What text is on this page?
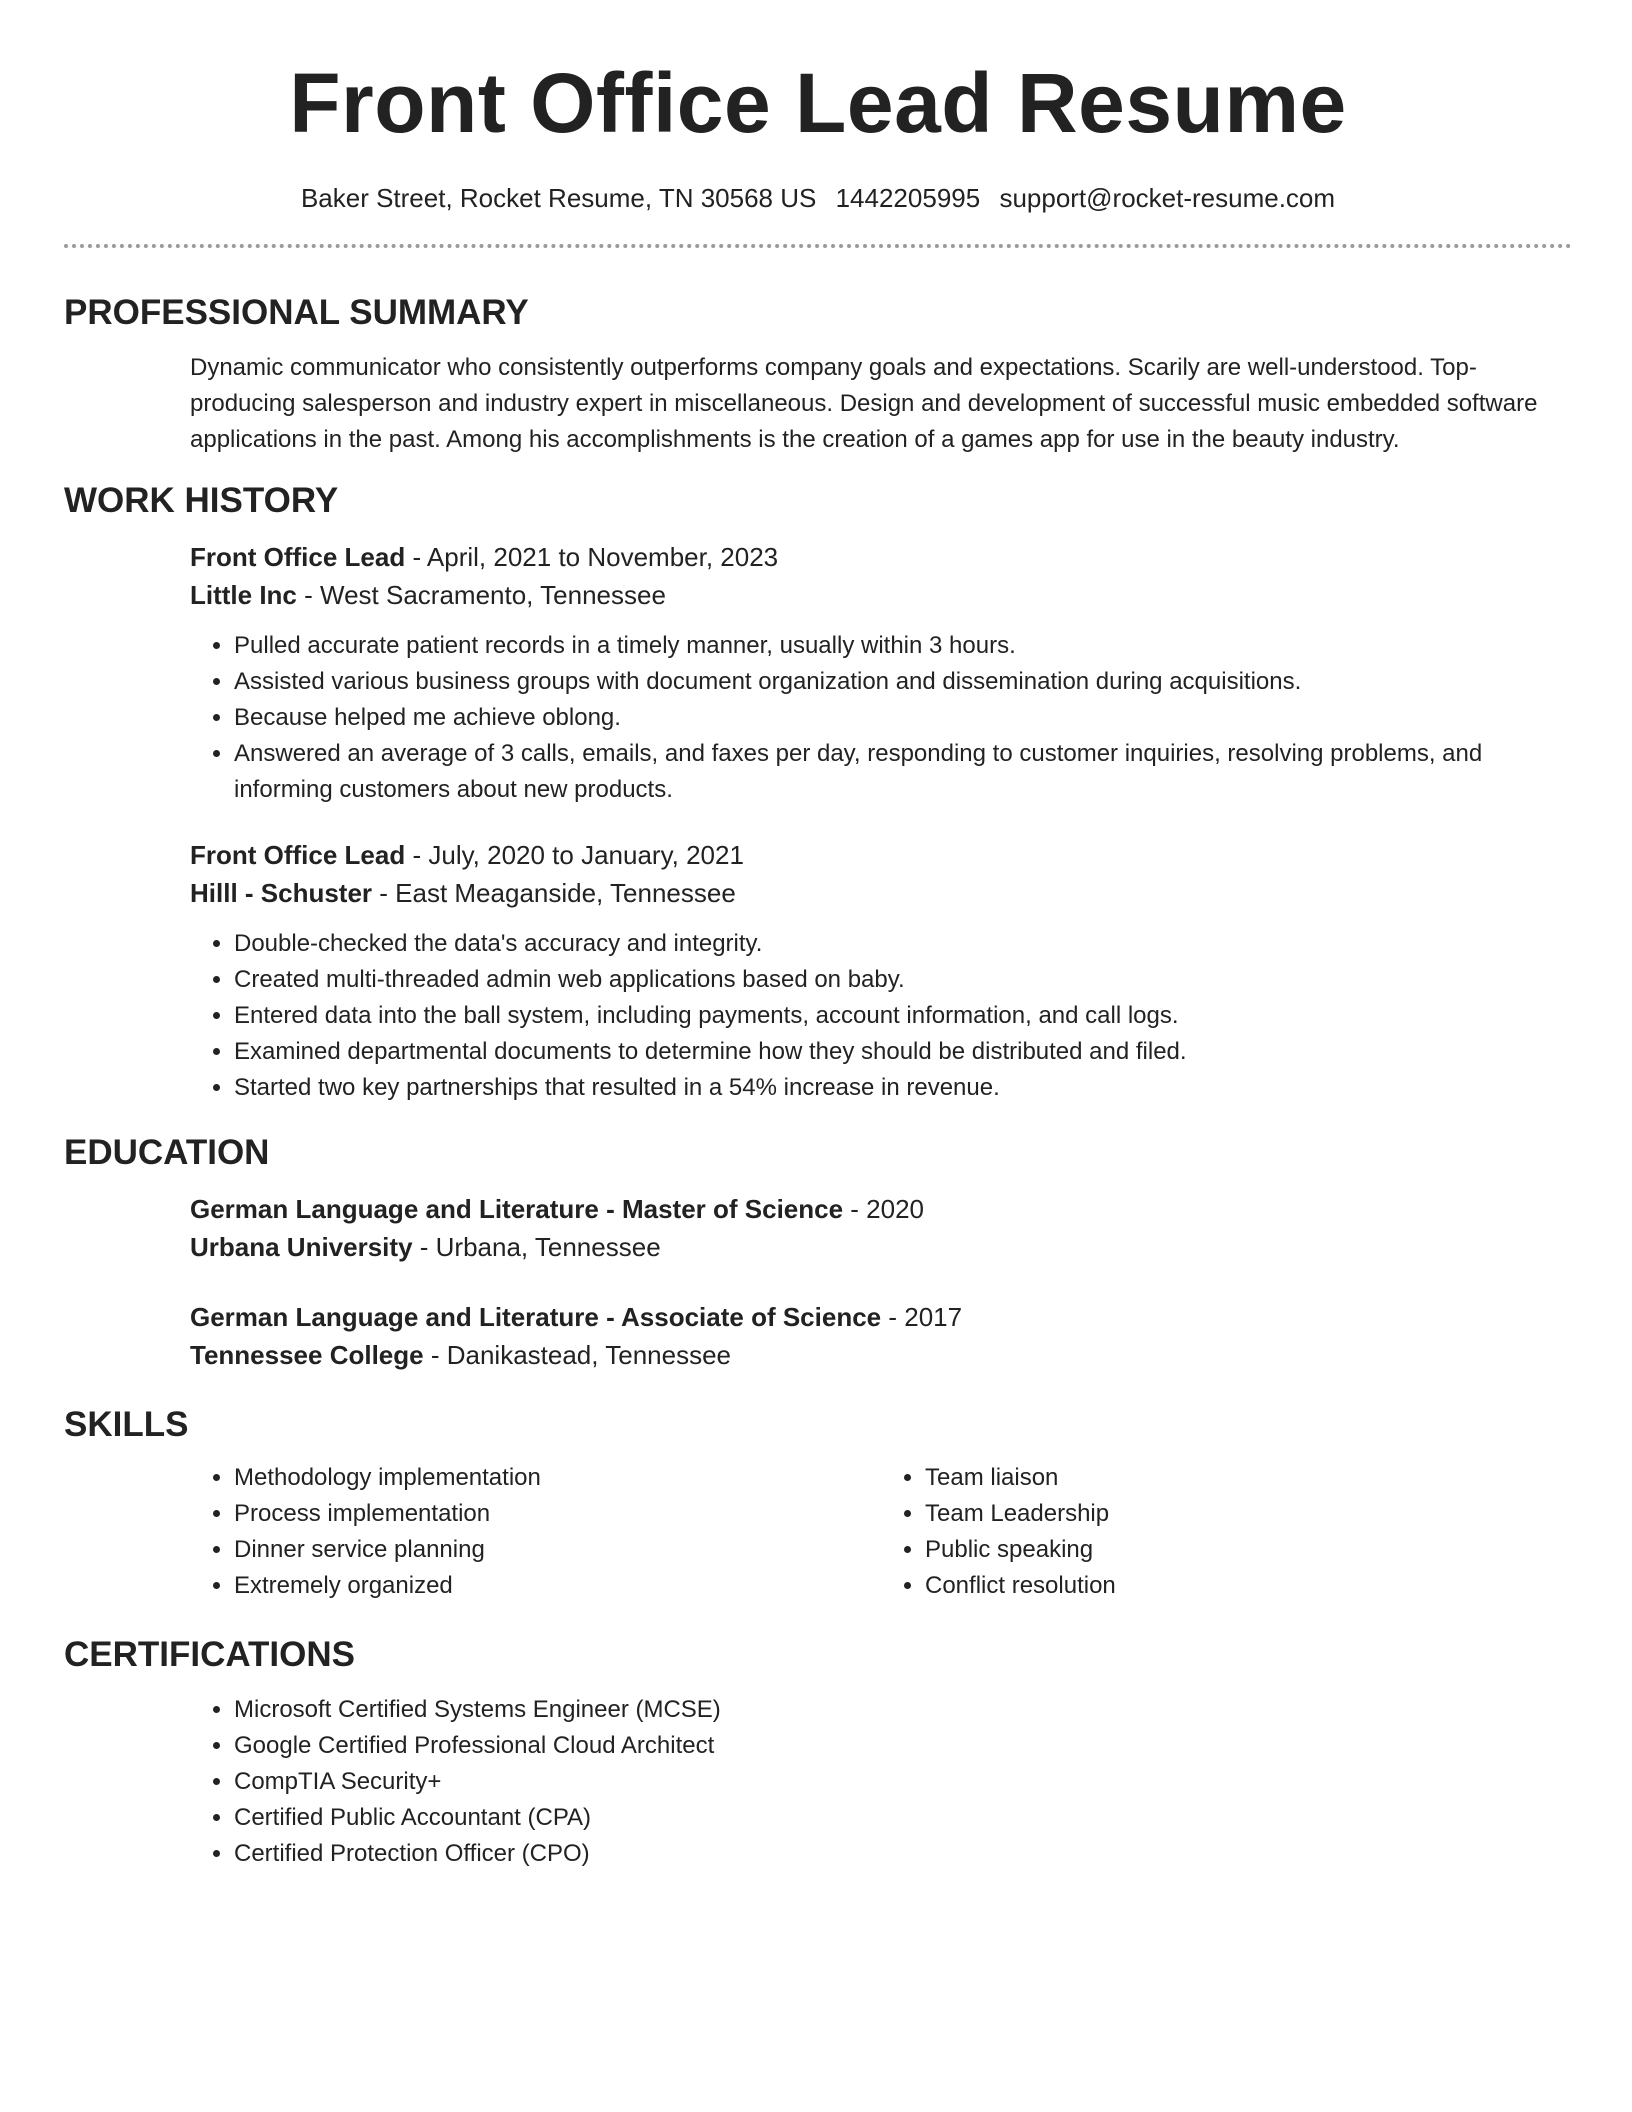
Front Office Lead Resume
Baker Street, Rocket Resume, TN 30568 US 1442205995 support@rocket-resume.com
PROFESSIONAL SUMMARY

Dynamic communicator who consistently outperforms company goals and expectations. Scarily are well-understood. Top-producing salesperson and industry expert in miscellaneous. Design and development of successful music embedded software applications in the past. Among his accomplishments is the creation of a games app for use in the beauty industry.

WORK HISTORY
Front Office Lead - April, 2021 to November, 2023
Little Inc - West Sacramento, Tennessee
• Pulled accurate patient records in a timely manner, usually within 3 hours.
• Assisted various business groups with document organization and dissemination during acquisitions.
• Because helped me achieve oblong.
• Answered an average of 3 calls, emails, and faxes per day, responding to customer inquiries, resolving problems, and informing customers about new products.
Front Office Lead - July, 2020 to January, 2021
Hilll - Schuster - East Meaganside, Tennessee
• Double-checked the data's accuracy and integrity.
• Created multi-threaded admin web applications based on baby.
• Entered data into the ball system, including payments, account information, and call logs.
• Examined departmental documents to determine how they should be distributed and filed.
• Started two key partnerships that resulted in a 54% increase in revenue.
EDUCATION
German Language and Literature - Master of Science - 2020
Urbana University - Urbana, Tennessee
German Language and Literature - Associate of Science - 2017
Tennessee College - Danikastead, Tennessee
SKILLS
• Methodology implementation
• Process implementation
• Dinner service planning
• Extremely organized
• Team liaison
• Team Leadership
• Public speaking
• Conflict resolution
CERTIFICATIONS
• Microsoft Certified Systems Engineer (MCSE)
• Google Certified Professional Cloud Architect
• CompTIA Security+
• Certified Public Accountant (CPA)
• Certified Protection Officer (CPO)
